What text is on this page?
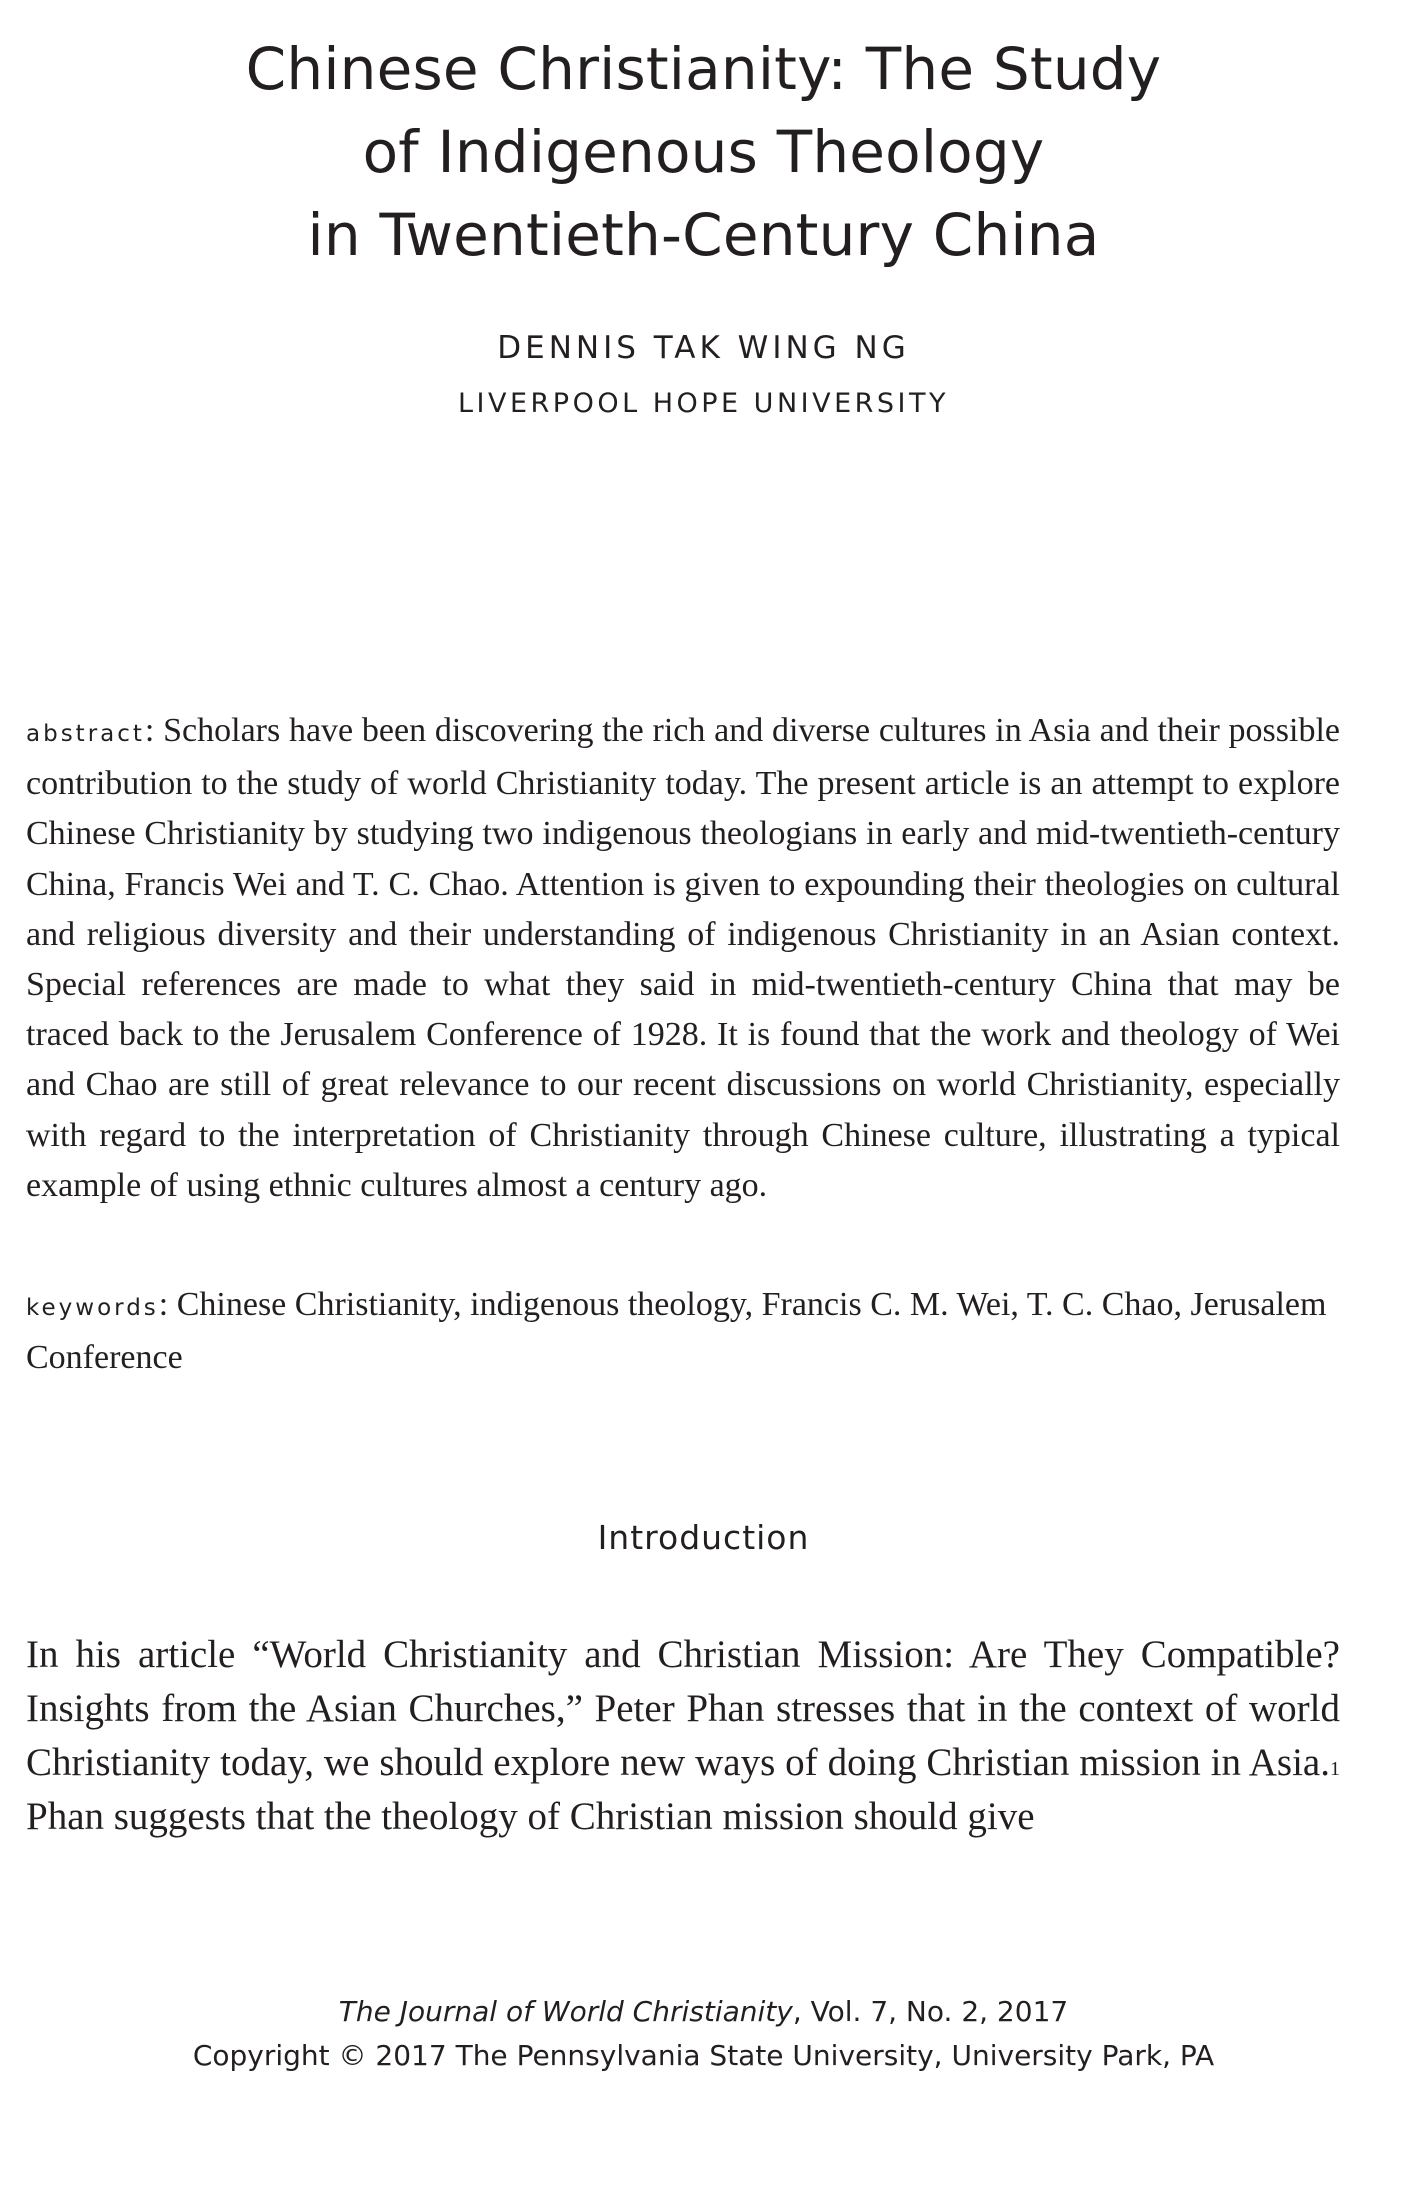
Chinese Christianity: The Study
of Indigenous Theology
in Twentieth-Century China
DENNIS TAK WING NG
LIVERPOOL HOPE UNIVERSITY

abstract: Scholars have been discovering the rich and diverse cultures in Asia and their possible contribution to the study of world Christianity today. The present article is an attempt to explore Chinese Christianity by studying two indigenous theologians in early and mid-twentieth-century China, Francis Wei and T. C. Chao. Attention is given to expounding their theologies on cultural and religious diversity and their understanding of indigenous Christianity in an Asian context. Special references are made to what they said in mid-twentieth-century China that may be traced back to the Jerusalem Conference of 1928. It is found that the work and theology of Wei and Chao are still of great relevance to our recent discussions on world Christianity, especially with regard to the interpretation of Christianity through Chinese culture, illustrating a typical example of using ethnic cultures almost a century ago.

keywords: Chinese Christianity, indigenous theology, Francis C. M. Wei, T. C. Chao, Jerusalem Conference

Introduction

In his article “World Christianity and Christian Mission: Are They Compatible? Insights from the Asian Churches,” Peter Phan stresses that in the context of world Christianity today, we should explore new ways of doing Christian mission in Asia.$^1$ Phan suggests that the theology of Christian mission should give

The Journal of World Christianity, Vol. 7, No. 2, 2017
Copyright © 2017 The Pennsylvania State University, University Park, PA
